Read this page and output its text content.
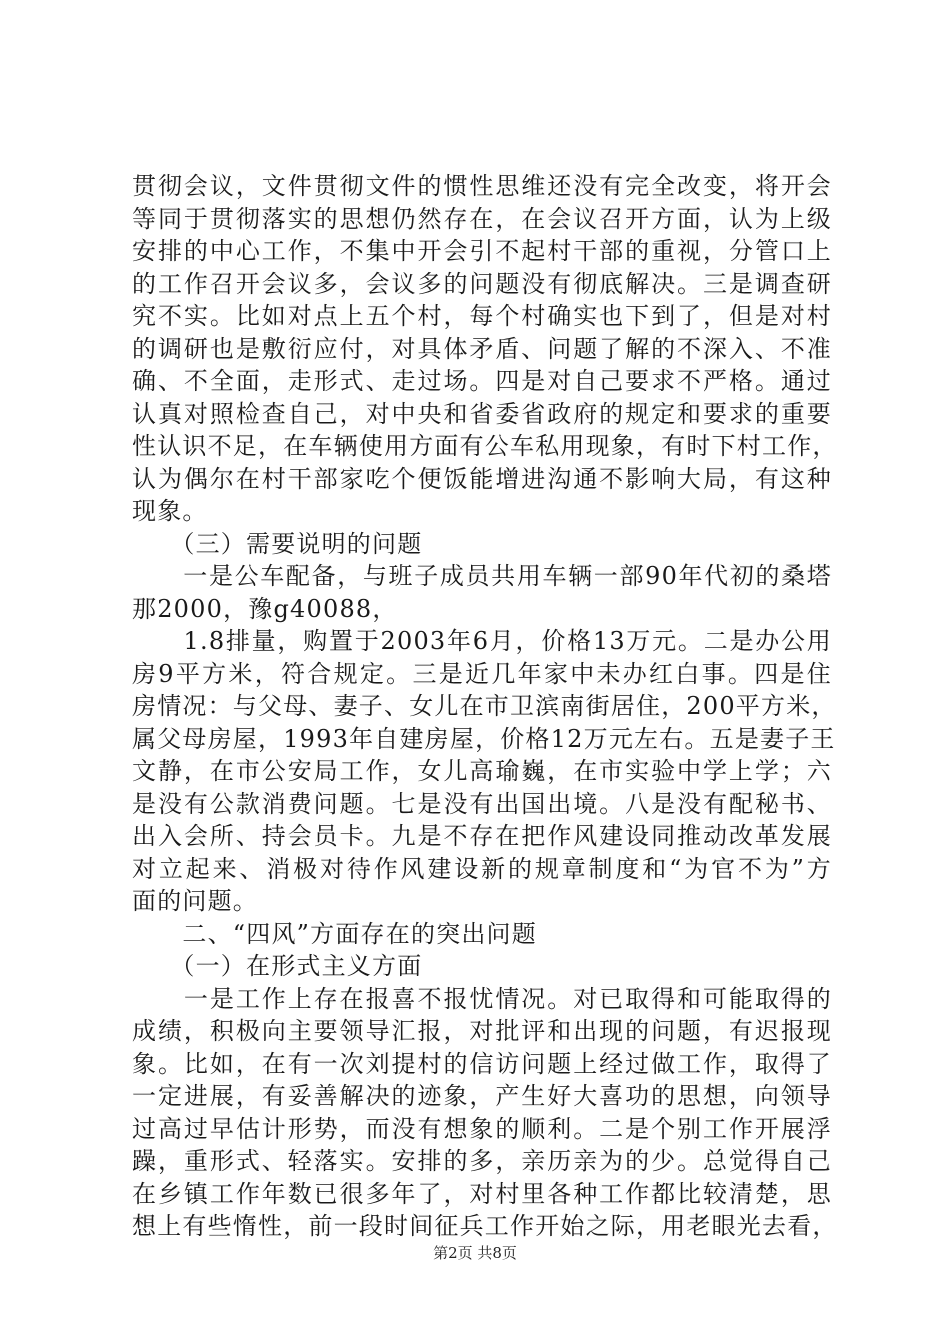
贯彻会议，文件贯彻文件的惯性思维还没有完全改变，将开会
等同于贯彻落实的思想仍然存在，在会议召开方面，认为上级
安排的中心工作，不集中开会引不起村干部的重视，分管口上
的工作召开会议多，会议多的问题没有彻底解决。三是调查研
究不实。比如对点上五个村，每个村确实也下到了，但是对村
的调研也是敷衍应付，对具体矛盾、问题了解的不深入、不准
确、不全面，走形式、走过场。四是对自己要求不严格。通过
认真对照检查自己，对中央和省委省政府的规定和要求的重要
性认识不足，在车辆使用方面有公车私用现象，有时下村工作，
认为偶尔在村干部家吃个便饭能增进沟通不影响大局，有这种
现象。
　　（三）需要说明的问题
　　一是公车配备，与班子成员共用车辆一部90年代初的桑塔
那2000，豫g40088，
　　1.8排量，购置于2003年6月，价格13万元。二是办公用
房9平方米，符合规定。三是近几年家中未办红白事。四是住
房情况：与父母、妻子、女儿在市卫滨南街居住，200平方米，
属父母房屋，1993年自建房屋，价格12万元左右。五是妻子王
文静，在市公安局工作，女儿高瑜巍，在市实验中学上学；六
是没有公款消费问题。七是没有出国出境。八是没有配秘书、
出入会所、持会员卡。九是不存在把作风建设同推动改革发展
对立起来、消极对待作风建设新的规章制度和“为官不为”方
面的问题。
　　二、“四风”方面存在的突出问题
　　（一）在形式主义方面
　　一是工作上存在报喜不报忧情况。对已取得和可能取得的
成绩，积极向主要领导汇报，对批评和出现的问题，有迟报现
象。比如，在有一次刘提村的信访问题上经过做工作，取得了
一定进展，有妥善解决的迹象，产生好大喜功的思想，向领导
过高过早估计形势，而没有想象的顺利。二是个别工作开展浮
躁，重形式、轻落实。安排的多，亲历亲为的少。总觉得自己
在乡镇工作年数已很多年了，对村里各种工作都比较清楚，思
想上有些惰性，前一段时间征兵工作开始之际，用老眼光去看，
第2页 共8页
